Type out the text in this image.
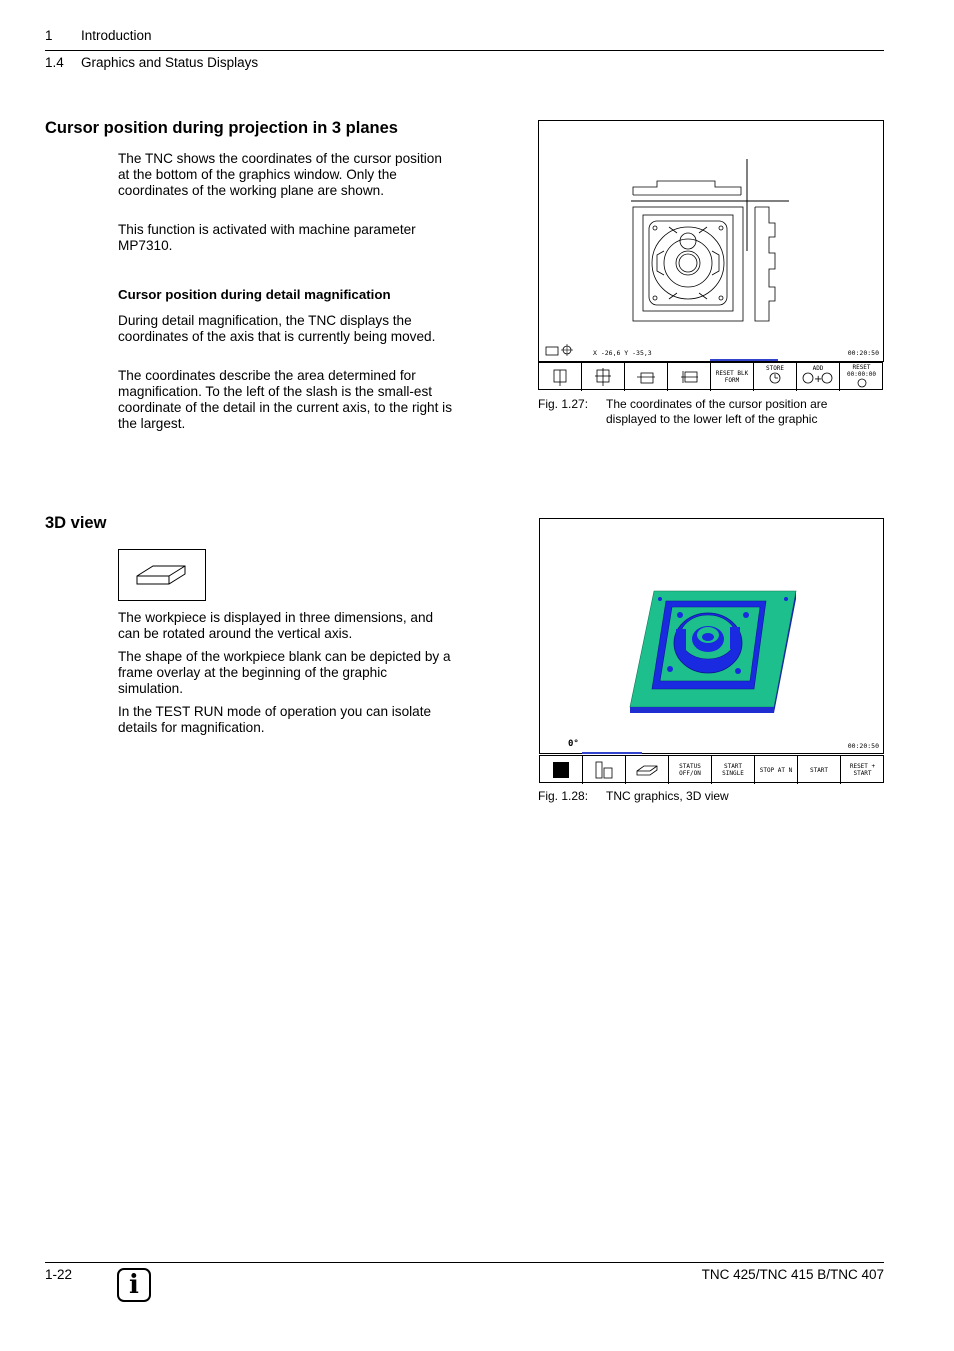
1 Introduction
1.4 Graphics and Status Displays
Cursor position during projection in 3 planes

The TNC shows the coordinates of the cursor position at the bottom of the graphics window. Only the coordinates of the working plane are shown.

This function is activated with machine parameter MP7310.

Cursor position during detail magnification

During detail magnification, the TNC displays the coordinates of the axis that is currently being moved.

The coordinates describe the area determined for magnification. To the left of the slash is the small-est coordinate of the detail in the current axis, to the right is the largest.

X -26,6 Y -35,3	00:20:50
RESET BLK FORM
STORE	ADD
+
RESET 00:00:00
Fig. 1.27: The coordinates of the cursor position are displayed to the lower left of the graphic
3D view

The workpiece is displayed in three dimensions, and can be rotated around the vertical axis.

The shape of the workpiece blank can be depicted by a frame overlay at the beginning of the graphic simulation.

In the TEST RUN mode of operation you can isolate details for magnification.

0°	00:20:50
STATUS OFF/ON
START SINGLE	STOP AT N	START	RESET + START
Fig. 1.28: TNC graphics, 3D view
1-22	TNC 425/TNC 415 B/TNC 407
i
